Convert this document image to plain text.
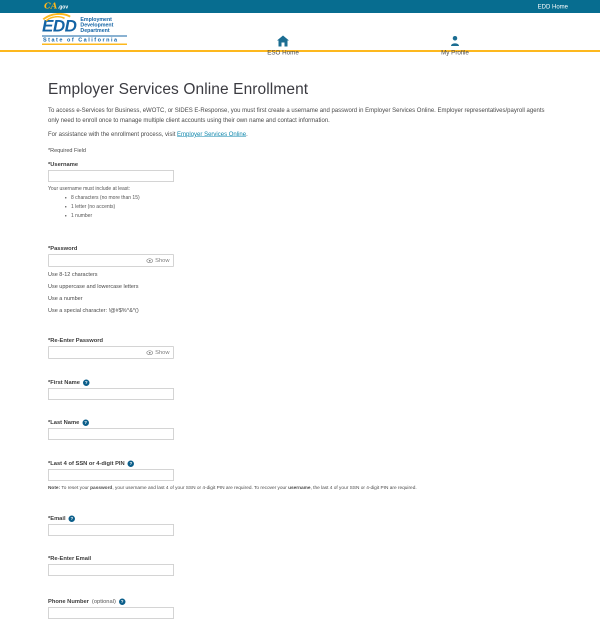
CA.gov	EDD Home
EDD Employment
Development
Department
State of California
ESO Home	My Profile
Employer Services Online Enrollment

To access e-Services for Business, eWOTC, or SIDES E-Response, you must first create a username and password in Employer Services Online. Employer representatives/payroll agents only need to enroll once to manage multiple client accounts using their own name and contact information.

For assistance with the enrollment process, visit Employer Services Online.

*Required Field

*Username

Your username must include at least:

• 8 characters (no more than 15)
• 1 letter (no accents)
• 1 number
*Password
Show

Use 8-12 characters

Use uppercase and lowercase letters

Use a number

Use a special character: !@#$%^&*()

*Re-Enter Password
Show
*First Name ?
*Last Name ?
*Last 4 of SSN or 4-digit PIN ?

Note: To reset your password, your username and last 4 of your SSN or 4-digit PIN are required. To recover your username, the last 4 of your SSN or 4-digit PIN are required.

*Email ?
*Re-Enter Email
Phone Number (optional) ?
